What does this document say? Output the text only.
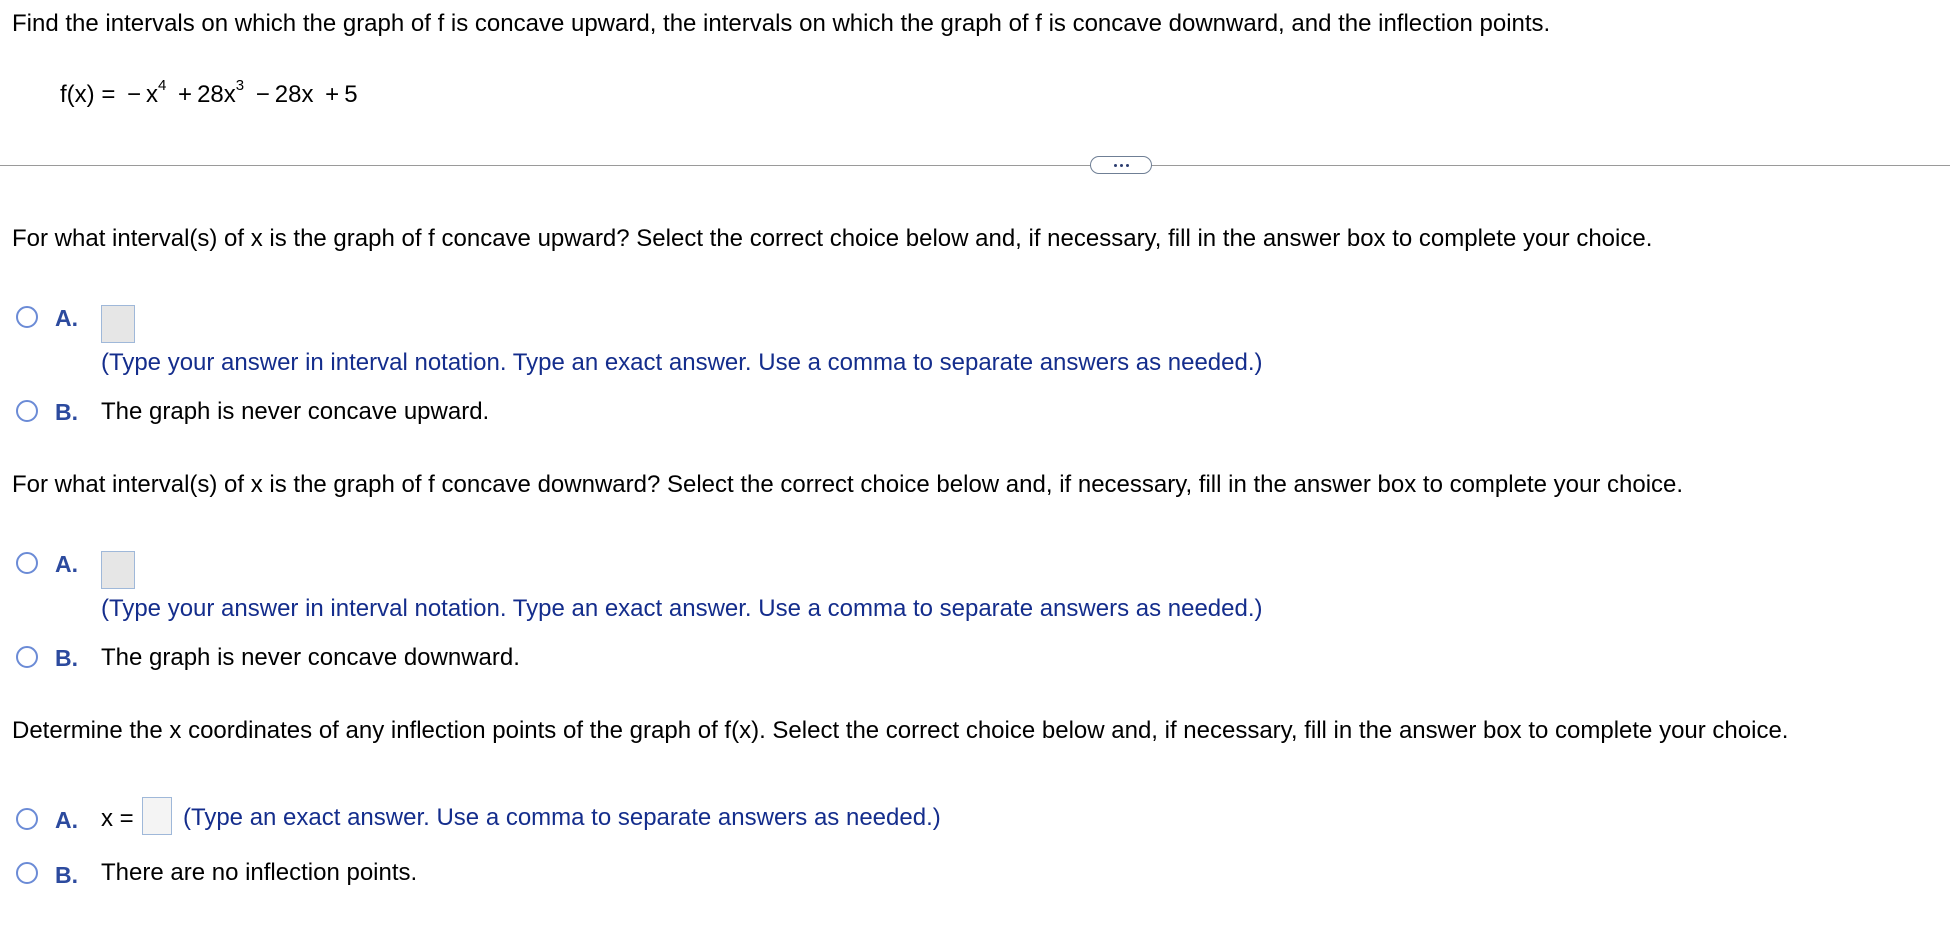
Find the intervals on which the graph of f is concave upward, the intervals on which the graph of f is concave downward, and the inflection points.
f(x) = − $x^4 + 28x^3 - 28x + 5$
For what interval(s) of x is the graph of f concave upward? Select the correct choice below and, if necessary, fill in the answer box to complete your choice.
A.
(Type your answer in interval notation. Type an exact answer. Use a comma to separate answers as needed.)
B. The graph is never concave upward.
For what interval(s) of x is the graph of f concave downward? Select the correct choice below and, if necessary, fill in the answer box to complete your choice.
A.
(Type your answer in interval notation. Type an exact answer. Use a comma to separate answers as needed.)
B. The graph is never concave downward.
Determine the x coordinates of any inflection points of the graph of f(x). Select the correct choice below and, if necessary, fill in the answer box to complete your choice.
A. x = (Type an exact answer. Use a comma to separate answers as needed.)
B. There are no inflection points.
